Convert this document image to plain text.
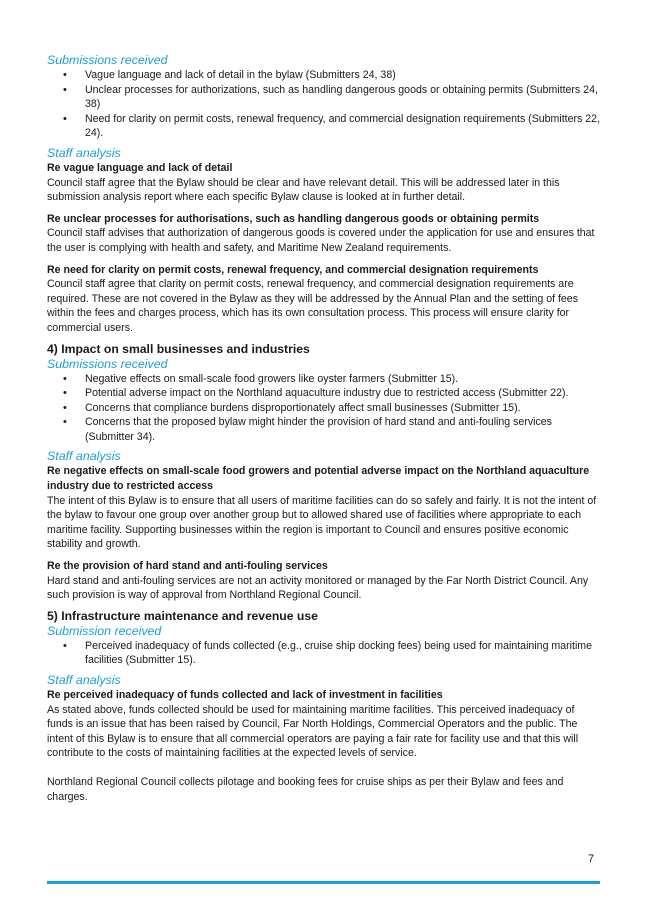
Submissions received

• Vague language and lack of detail in the bylaw (Submitters 24, 38)
• Unclear processes for authorizations, such as handling dangerous goods or obtaining permits (Submitters 24, 38)
• Need for clarity on permit costs, renewal frequency, and commercial designation requirements (Submitters 22, 24).

Staff analysis

Re vague language and lack of detail

Council staff agree that the Bylaw should be clear and have relevant detail. This will be addressed later in this submission analysis report where each specific Bylaw clause is looked at in further detail.

Re unclear processes for authorisations, such as handling dangerous goods or obtaining permits

Council staff advises that authorization of dangerous goods is covered under the application for use and ensures that the user is complying with health and safety, and Maritime New Zealand requirements.

Re need for clarity on permit costs, renewal frequency, and commercial designation requirements

Council staff agree that clarity on permit costs, renewal frequency, and commercial designation requirements are required. These are not covered in the Bylaw as they will be addressed by the Annual Plan and the setting of fees within the fees and charges process, which has its own consultation process. This process will ensure clarity for commercial users.

4) Impact on small businesses and industries

Submissions received

• Negative effects on small-scale food growers like oyster farmers (Submitter 15).
• Potential adverse impact on the Northland aquaculture industry due to restricted access (Submitter 22).
• Concerns that compliance burdens disproportionately affect small businesses (Submitter 15).
• Concerns that the proposed bylaw might hinder the provision of hard stand and anti-fouling services (Submitter 34).

Staff analysis

Re negative effects on small-scale food growers and potential adverse impact on the Northland aquaculture industry due to restricted access

The intent of this Bylaw is to ensure that all users of maritime facilities can do so safely and fairly. It is not the intent of the bylaw to favour one group over another group but to allowed shared use of facilities where appropriate to each maritime facility. Supporting businesses within the region is important to Council and ensures positive economic stability and growth.

Re the provision of hard stand and anti-fouling services

Hard stand and anti-fouling services are not an activity monitored or managed by the Far North District Council. Any such provision is way of approval from Northland Regional Council.

5) Infrastructure maintenance and revenue use

Submission received

• Perceived inadequacy of funds collected (e.g., cruise ship docking fees) being used for maintaining maritime facilities (Submitter 15).

Staff analysis

Re perceived inadequacy of funds collected and lack of investment in facilities

As stated above, funds collected should be used for maintaining maritime facilities. This perceived inadequacy of funds is an issue that has been raised by Council, Far North Holdings, Commercial Operators and the public. The intent of this Bylaw is to ensure that all commercial operators are paying a fair rate for facility use and that this will contribute to the costs of maintaining facilities at the expected levels of service.

Northland Regional Council collects pilotage and booking fees for cruise ships as per their Bylaw and fees and charges.

7
